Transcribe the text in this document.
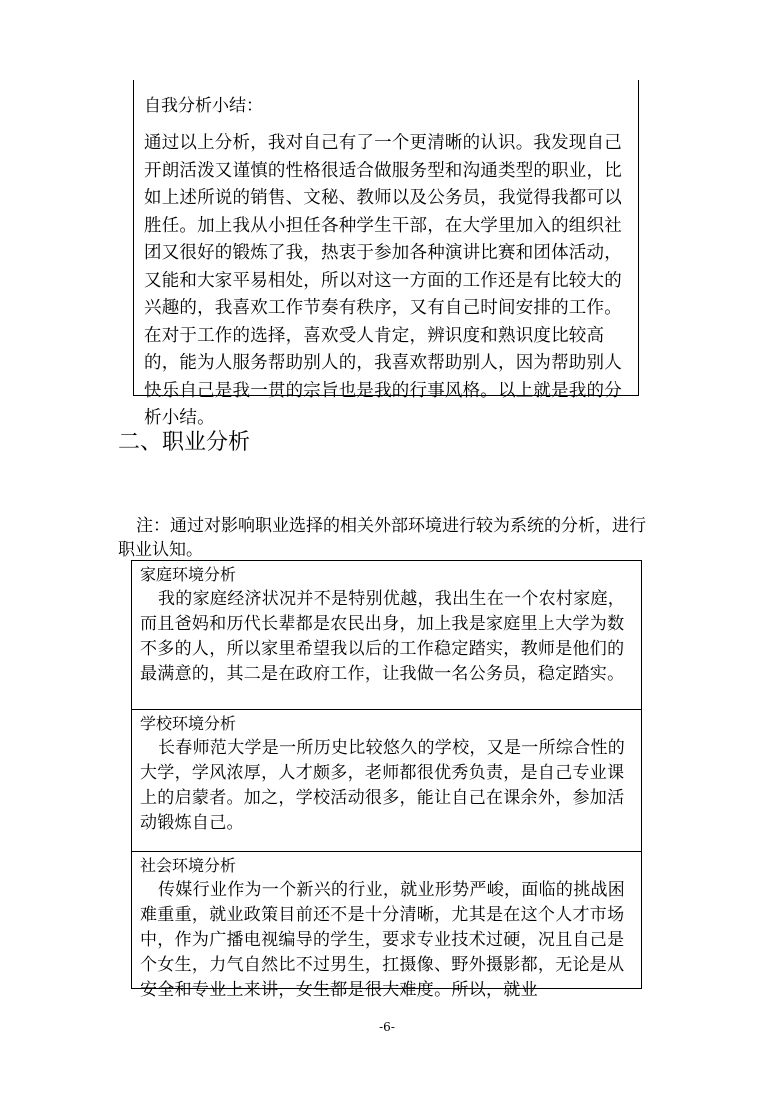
自我分析小结：
通过以上分析，我对自己有了一个更清晰的认识。我发现自己开朗活泼又谨慎的性格很适合做服务型和沟通类型的职业，比如上述所说的销售、文秘、教师以及公务员，我觉得我都可以胜任。加上我从小担任各种学生干部，在大学里加入的组织社团又很好的锻炼了我，热衷于参加各种演讲比赛和团体活动，又能和大家平易相处，所以对这一方面的工作还是有比较大的兴趣的，我喜欢工作节奏有秩序，又有自己时间安排的工作。在对于工作的选择，喜欢受人肯定，辨识度和熟识度比较高的，能为人服务帮助别人的，我喜欢帮助别人，因为帮助别人快乐自己是我一贯的宗旨也是我的行事风格。以上就是我的分析小结。
二、职业分析
注：通过对影响职业选择的相关外部环境进行较为系统的分析，进行职业认知。
家庭环境分析
我的家庭经济状况并不是特别优越，我出生在一个农村家庭，而且爸妈和历代长辈都是农民出身，加上我是家庭里上大学为数不多的人，所以家里希望我以后的工作稳定踏实，教师是他们的最满意的，其二是在政府工作，让我做一名公务员，稳定踏实。
学校环境分析
长春师范大学是一所历史比较悠久的学校，又是一所综合性的大学，学风浓厚，人才颇多，老师都很优秀负责，是自己专业课上的启蒙者。加之，学校活动很多，能让自己在课余外，参加活动锻炼自己。
社会环境分析
传媒行业作为一个新兴的行业，就业形势严峻，面临的挑战困难重重，就业政策目前还不是十分清晰，尤其是在这个人才市场中，作为广播电视编导的学生，要求专业技术过硬，况且自己是个女生，力气自然比不过男生，扛摄像、野外摄影都，无论是从安全和专业上来讲，女生都是很大难度。所以，就业
-6-
